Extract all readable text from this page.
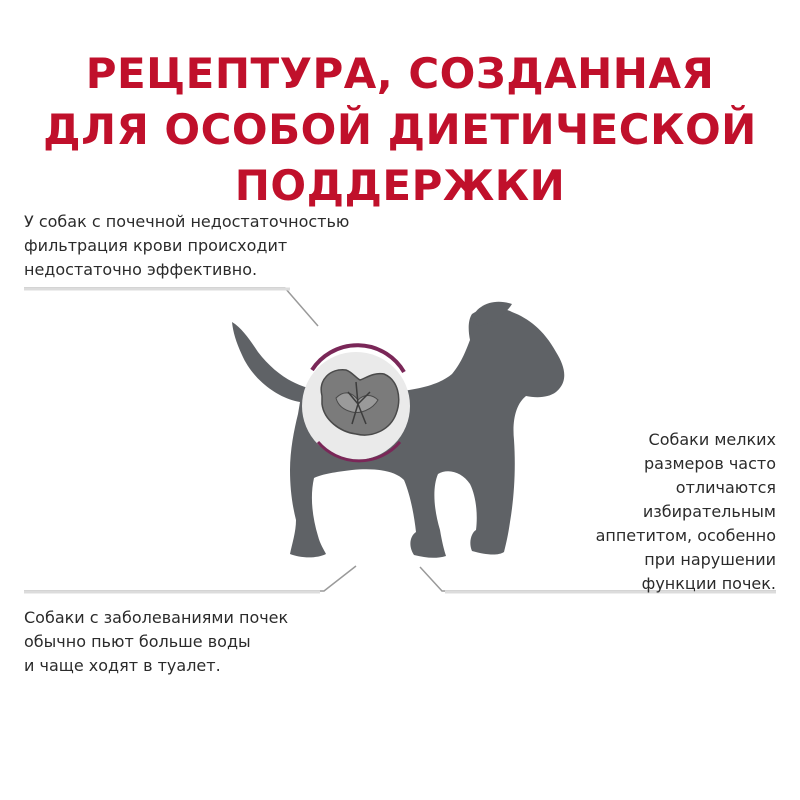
РЕЦЕПТУРА, СОЗДАННАЯ
ДЛЯ ОСОБОЙ ДИЕТИЧЕСКОЙ
ПОДДЕРЖКИ
У собак с почечной недостаточностью
фильтрация крови происходит
недостаточно эффективно.
Собаки мелких
размеров часто
отличаются
избирательным
аппетитом, особенно
при нарушении
функции почек.
Собаки с заболеваниями почек
обычно пьют больше воды
и чаще ходят в туалет.
